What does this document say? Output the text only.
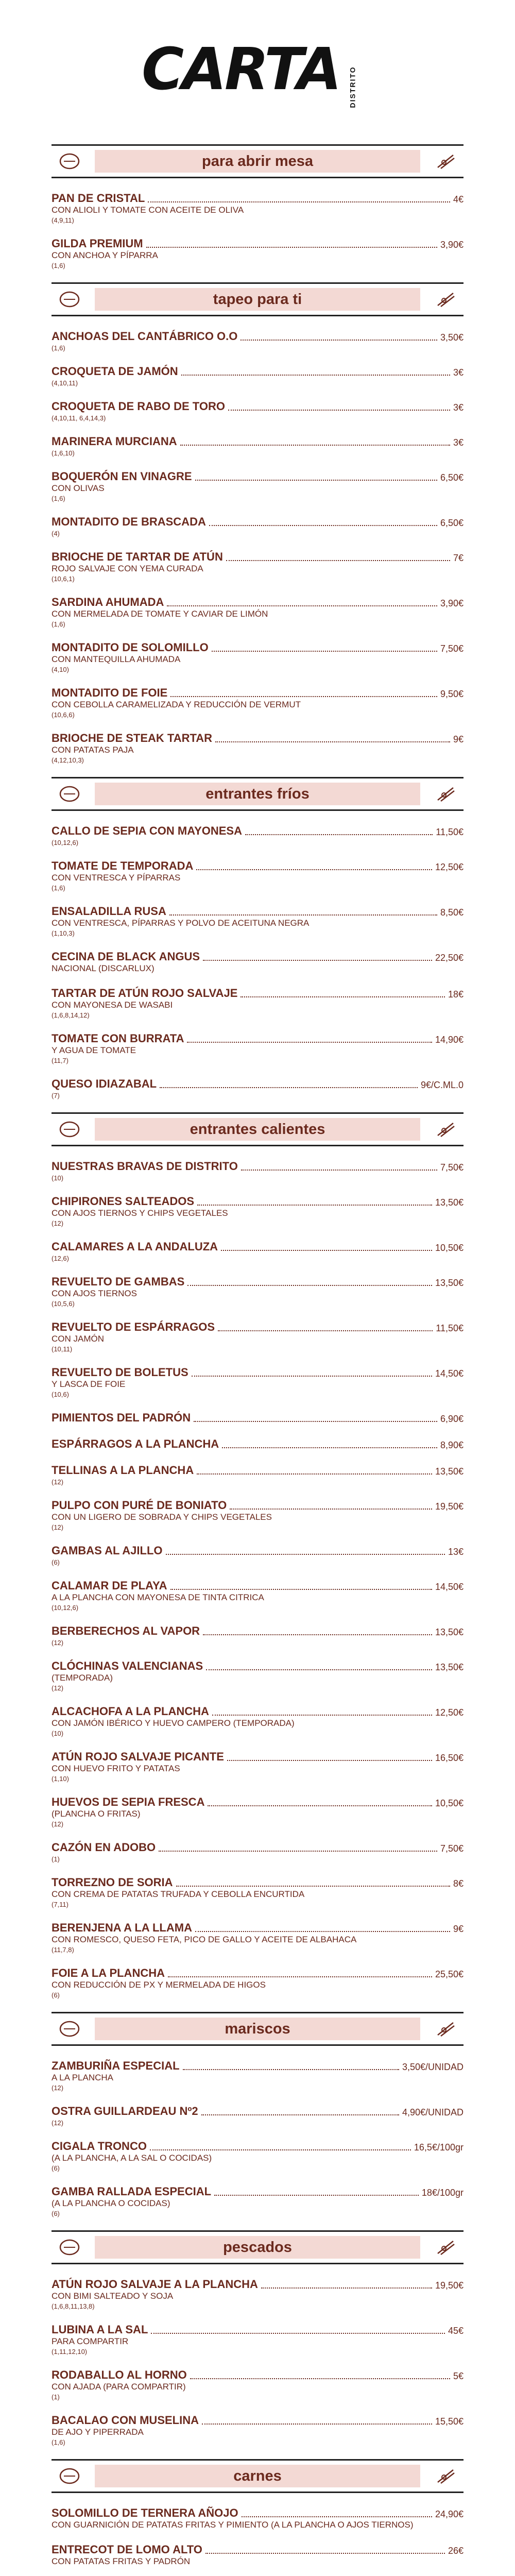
CARTA DISTRITO
para abrir mesa
PAN DE CRISTAL	4€
CON ALIOLI Y TOMATE CON ACEITE DE OLIVA
(4,9,11)
GILDA PREMIUM	3,90€
CON ANCHOA Y PÍPARRA
(1,6)
tapeo para ti
ANCHOAS DEL CANTÁBRICO O.O	3,50€
(1,6)
CROQUETA DE JAMÓN	3€
(4,10,11)
CROQUETA DE RABO DE TORO	3€
(4,10,11, 6,4,14,3)
MARINERA MURCIANA	3€
(1,6,10)
BOQUERÓN EN VINAGRE	6,50€
CON OLIVAS
(1,6)
MONTADITO DE BRASCADA	6,50€
(4)
BRIOCHE DE TARTAR DE ATÚN	7€
ROJO SALVAJE CON YEMA CURADA
(10,6,1)
SARDINA AHUMADA	3,90€
CON MERMELADA DE TOMATE Y CAVIAR DE LIMÓN
(1,6)
MONTADITO DE SOLOMILLO	7,50€
CON MANTEQUILLA AHUMADA
(4,10)
MONTADITO DE FOIE	9,50€
CON CEBOLLA CARAMELIZADA Y REDUCCIÓN DE VERMUT
(10,6,6)
BRIOCHE DE STEAK TARTAR	9€
CON PATATAS PAJA
(4,12,10,3)
entrantes fríos
CALLO DE SEPIA CON MAYONESA	11,50€
(10,12,6)
TOMATE DE TEMPORADA	12,50€
CON VENTRESCA Y PÍPARRAS
(1,6)
ENSALADILLA RUSA	8,50€
CON VENTRESCA, PÍPARRAS Y POLVO DE ACEITUNA NEGRA
(1,10,3)
CECINA DE BLACK ANGUS	22,50€
NACIONAL (DISCARLUX)
TARTAR DE ATÚN ROJO SALVAJE	18€
CON MAYONESA DE WASABI
(1,6,8,14,12)
TOMATE CON BURRATA	14,90€
Y AGUA DE TOMATE
(11,7)
QUESO IDIAZABAL	9€/C.ML.0
(7)
entrantes calientes
NUESTRAS BRAVAS DE DISTRITO	7,50€
(10)
CHIPIRONES SALTEADOS	13,50€
CON AJOS TIERNOS Y CHIPS VEGETALES
(12)
CALAMARES A LA ANDALUZA	10,50€
(12,6)
REVUELTO DE GAMBAS	13,50€
CON AJOS TIERNOS
(10,5,6)
REVUELTO DE ESPÁRRAGOS	11,50€
CON JAMÓN
(10,11)
REVUELTO DE BOLETUS	14,50€
Y LASCA DE FOIE
(10,6)
PIMIENTOS DEL PADRÓN	6,90€
ESPÁRRAGOS A LA PLANCHA	8,90€
TELLINAS A LA PLANCHA	13,50€
(12)
PULPO CON PURÉ DE BONIATO	19,50€
CON UN LIGERO DE SOBRADA Y CHIPS VEGETALES
(12)
GAMBAS AL AJILLO	13€
(6)
CALAMAR DE PLAYA	14,50€
A LA PLANCHA CON MAYONESA DE TINTA CITRICA
(10,12,6)
BERBERECHOS AL VAPOR	13,50€
(12)
CLÓCHINAS VALENCIANAS	13,50€
(TEMPORADA)
(12)
ALCACHOFA A LA PLANCHA	12,50€
CON JAMÓN IBÉRICO Y HUEVO CAMPERO (TEMPORADA)
(10)
ATÚN ROJO SALVAJE PICANTE	16,50€
CON HUEVO FRITO Y PATATAS
(1,10)
HUEVOS DE SEPIA FRESCA	10,50€
(PLANCHA O FRITAS)
(12)
CAZÓN EN ADOBO	7,50€
(1)
TORREZNO DE SORIA	8€
CON CREMA DE PATATAS TRUFADA Y CEBOLLA ENCURTIDA
(7,11)
BERENJENA A LA LLAMA	9€
CON ROMESCO, QUESO FETA, PICO DE GALLO Y ACEITE DE ALBAHACA
(11,7,8)
FOIE A LA PLANCHA	25,50€
CON REDUCCIÓN DE PX Y MERMELADA DE HIGOS
(6)
mariscos
ZAMBURIÑA ESPECIAL	3,50€/UNIDAD
A LA PLANCHA
(12)
OSTRA GUILLARDEAU Nº2	4,90€/UNIDAD
(12)
CIGALA TRONCO	16,5€/100gr
(A LA PLANCHA, A LA SAL O COCIDAS)
(6)
GAMBA RALLADA ESPECIAL	18€/100gr
(A LA PLANCHA O COCIDAS)
(6)
pescados
ATÚN ROJO SALVAJE A LA PLANCHA	19,50€
CON BIMI SALTEADO Y SOJA
(1,6,8,11,13,8)
LUBINA A LA SAL	45€
PARA COMPARTIR
(1,11,12,10)
RODABALLO AL HORNO	5€
CON AJADA (PARA COMPARTIR)
(1)
BACALAO CON MUSELINA	15,50€
DE AJO Y PIPERRADA
(1,6)
carnes
SOLOMILLO DE TERNERA AÑOJO	24,90€
CON GUARNICIÓN DE PATATAS FRITAS Y PIMIENTO (A LA PLANCHA O AJOS TIERNOS)
ENTRECOT DE LOMO ALTO	26€
CON PATATAS FRITAS Y PADRÓN
